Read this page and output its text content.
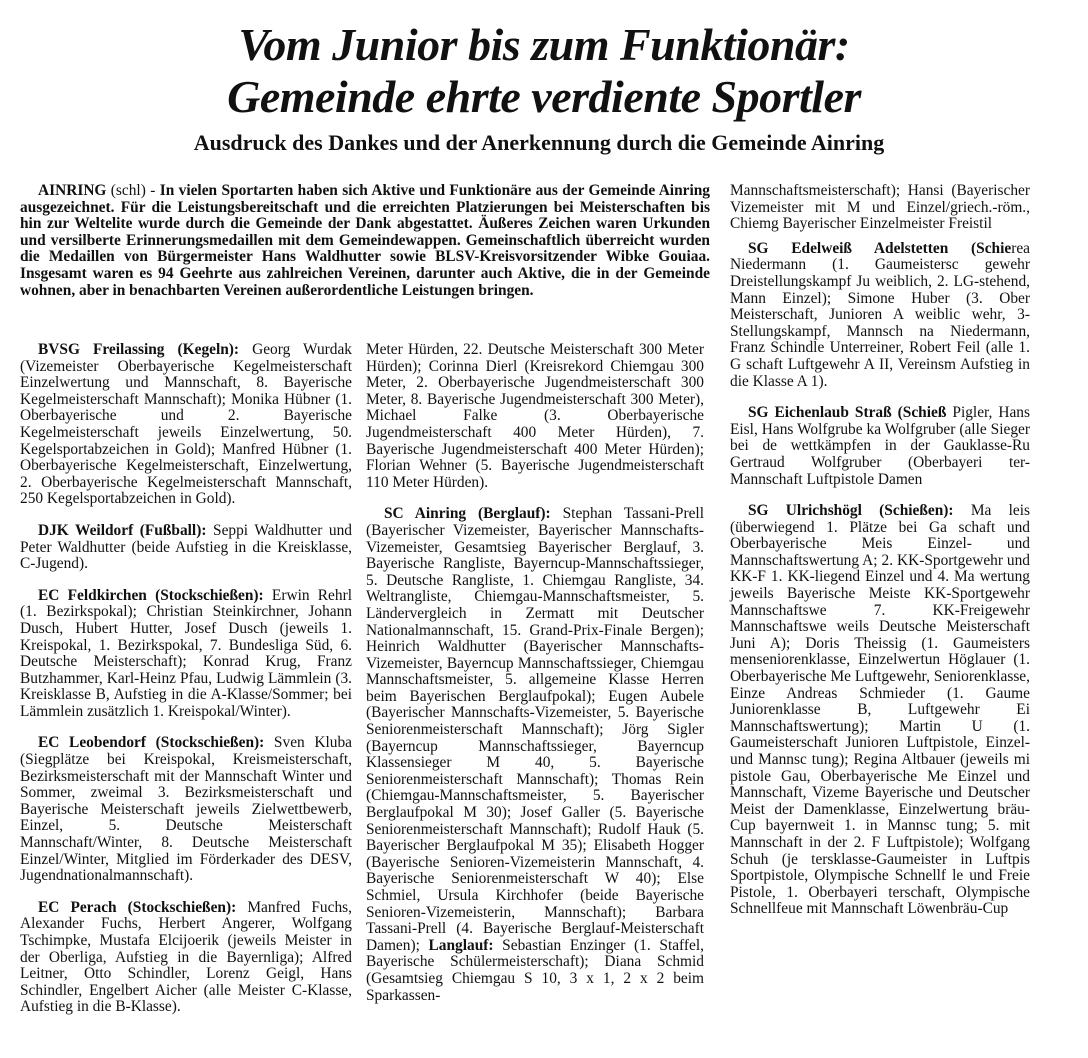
Vom Junior bis zum Funktionär:
Gemeinde ehrte verdiente Sportler
Ausdruck des Dankes und der Anerkennung durch die Gemeinde Ainring

AINRING (schl) - In vielen Sportarten haben sich Aktive und Funktionäre aus der Gemeinde Ainring ausgezeichnet. Für die Leistungsbereitschaft und die erreichten Platzierungen bei Meisterschaften bis hin zur Weltelite wurde durch die Gemeinde der Dank abgestattet. Äußeres Zeichen waren Urkunden und versilberte Erinnerungsmedaillen mit dem Gemeindewappen. Gemeinschaftlich überreicht wurden die Medaillen von Bürgermeister Hans Waldhutter sowie BLSV-Kreisvorsitzender Wibke Gouiaa. Insgesamt waren es 94 Geehrte aus zahlreichen Vereinen, darunter auch Aktive, die in der Gemeinde wohnen, aber in benachbarten Vereinen außerordentliche Leistungen bringen.

BVSG Freilassing (Kegeln): Georg Wurdak (Vizemeister Oberbayerische Kegelmeisterschaft Einzelwertung und Mannschaft, 8. Bayerische Kegelmeisterschaft Mannschaft); Monika Hübner (1. Oberbayerische und 2. Bayerische Kegelmeisterschaft jeweils Einzelwertung, 50. Kegelsportabzeichen in Gold); Manfred Hübner (1. Oberbayerische Kegelmeisterschaft, Einzelwertung, 2. Oberbayerische Kegelmeisterschaft Mannschaft, 250 Kegelsportabzeichen in Gold).

DJK Weildorf (Fußball): Seppi Waldhutter und Peter Waldhutter (beide Aufstieg in die Kreisklasse, C-Jugend).

EC Feldkirchen (Stockschießen): Erwin Rehrl (1. Bezirkspokal); Christian Steinkirchner, Johann Dusch, Hubert Hutter, Josef Dusch (jeweils 1. Kreispokal, 1. Bezirkspokal, 7. Bundesliga Süd, 6. Deutsche Meisterschaft); Konrad Krug, Franz Butzhammer, Karl-Heinz Pfau, Ludwig Lämmlein (3. Kreisklasse B, Aufstieg in die A-Klasse/Sommer; bei Lämmlein zusätzlich 1. Kreispokal/Winter).

EC Leobendorf (Stockschießen): Sven Kluba (Siegplätze bei Kreispokal, Kreismeisterschaft, Bezirksmeisterschaft mit der Mannschaft Winter und Sommer, zweimal 3. Bezirksmeisterschaft und Bayerische Meisterschaft jeweils Zielwettbewerb, Einzel, 5. Deutsche Meisterschaft Mannschaft/Winter, 8. Deutsche Meisterschaft Einzel/Winter, Mitglied im Förderkader des DESV, Jugendnationalmannschaft).

EC Perach (Stockschießen): Manfred Fuchs, Alexander Fuchs, Herbert Angerer, Wolfgang Tschimpke, Mustafa Elcijoerik (jeweils Meister in der Oberliga, Aufstieg in die Bayernliga); Alfred Leitner, Otto Schindler, Lorenz Geigl, Hans Schindler, Engelbert Aicher (alle Meister C-Klasse, Aufstieg in die B-Klasse).

Meter Hürden, 22. Deutsche Meisterschaft 300 Meter Hürden); Corinna Dierl (Kreisrekord Chiemgau 300 Meter, 2. Oberbayerische Jugendmeisterschaft 300 Meter, 8. Bayerische Jugendmeisterschaft 300 Meter), Michael Falke (3. Oberbayerische Jugendmeisterschaft 400 Meter Hürden), 7. Bayerische Jugendmeisterschaft 400 Meter Hürden); Florian Wehner (5. Bayerische Jugendmeisterschaft 110 Meter Hürden).

SC Ainring (Berglauf): Stephan Tassani-Prell (Bayerischer Vizemeister, Bayerischer Mannschafts-Vizemeister, Gesamtsieg Bayerischer Berglauf, 3. Bayerische Rangliste, Bayerncup-Mannschaftssieger, 5. Deutsche Rangliste, 1. Chiemgau Rangliste, 34. Weltrangliste, Chiemgau-Mannschaftsmeister, 5. Ländervergleich in Zermatt mit Deutscher Nationalmannschaft, 15. Grand-Prix-Finale Bergen); Heinrich Waldhutter (Bayerischer Mannschafts-Vizemeister, Bayerncup Mannschaftssieger, Chiemgau Mannschaftsmeister, 5. allgemeine Klasse Herren beim Bayerischen Berglaufpokal); Eugen Aubele (Bayerischer Mannschafts-Vizemeister, 5. Bayerische Seniorenmeisterschaft Mannschaft); Jörg Sigler (Bayerncup Mannschaftssieger, Bayerncup Klassensieger M 40, 5. Bayerische Seniorenmeisterschaft Mannschaft); Thomas Rein (Chiemgau-Mannschaftsmeister, 5. Bayerischer Berglaufpokal M 30); Josef Galler (5. Bayerische Seniorenmeisterschaft Mannschaft); Rudolf Hauk (5. Bayerischer Berglaufpokal M 35); Elisabeth Hogger (Bayerische Senioren-Vizemeisterin Mannschaft, 4. Bayerische Seniorenmeisterschaft W 40); Else Schmiel, Ursula Kirchhofer (beide Bayerische Senioren-Vizemeisterin, Mannschaft); Barbara Tassani-Prell (4. Bayerische Berglauf-Meisterschaft Damen); Langlauf: Sebastian Enzinger (1. Staffel, Bayerische Schülermeisterschaft); Diana Schmid (Gesamtsieg Chiemgau S 10, 3 x 1, 2 x 2 beim Sparkassen-

Mannschaftsmeisterschaft); Hansi (Bayerischer Vizemeister mit M und Einzel/griech.-röm., Chiemg Bayerischer Einzelmeister Freistil

SG Edelweiß Adelstetten (Schierea Niedermann (1. Gaumeistersc gewehr Dreistellungskampf Ju weiblich, 2. LG-stehend, Mann Einzel); Simone Huber (3. Ober Meisterschaft, Junioren A weiblic wehr, 3-Stellungskampf, Mannsch na Niedermann, Franz Schindle Unterreiner, Robert Feil (alle 1. G schaft Luftgewehr A II, Vereinsm Aufstieg in die Klasse A 1).

SG Eichenlaub Straß (Schieß Pigler, Hans Eisl, Hans Wolfgrube ka Wolfgruber (alle Sieger bei de wettkämpfen in der Gauklasse-Ru Gertraud Wolfgruber (Oberbayeri ter-Mannschaft Luftpistole Damen

SG Ulrichshögl (Schießen): Ma leis (überwiegend 1. Plätze bei Ga schaft und Oberbayerische Meis Einzel- und Mannschaftswertung A; 2. KK-Sportgewehr und KK-F 1. KK-liegend Einzel und 4. Ma wertung jeweils Bayerische Meiste KK-Sportgewehr Mannschaftswe 7. KK-Freigewehr Mannschaftswe weils Deutsche Meisterschaft Juni A); Doris Theissig (1. Gaumeisters menseniorenklasse, Einzelwertun Höglauer (1. Oberbayerische Me Luftgewehr, Seniorenklasse, Einze Andreas Schmieder (1. Gaume Juniorenklasse B, Luftgewehr Ei Mannschaftswertung); Martin U (1. Gaumeisterschaft Junioren Luftpistole, Einzel- und Mannsc tung); Regina Altbauer (jeweils mi pistole Gau, Oberbayerische Me Einzel und Mannschaft, Vizeme Bayerische und Deutscher Meist der Damenklasse, Einzelwertung bräu-Cup bayernweit 1. in Mannsc tung; 5. mit Mannschaft in der 2. F Luftpistole); Wolfgang Schuh (je tersklasse-Gaumeister in Luftpis Sportpistole, Olympische Schnellf le und Freie Pistole, 1. Oberbayeri terschaft, Olympische Schnellfeue mit Mannschaft Löwenbräu-Cup
